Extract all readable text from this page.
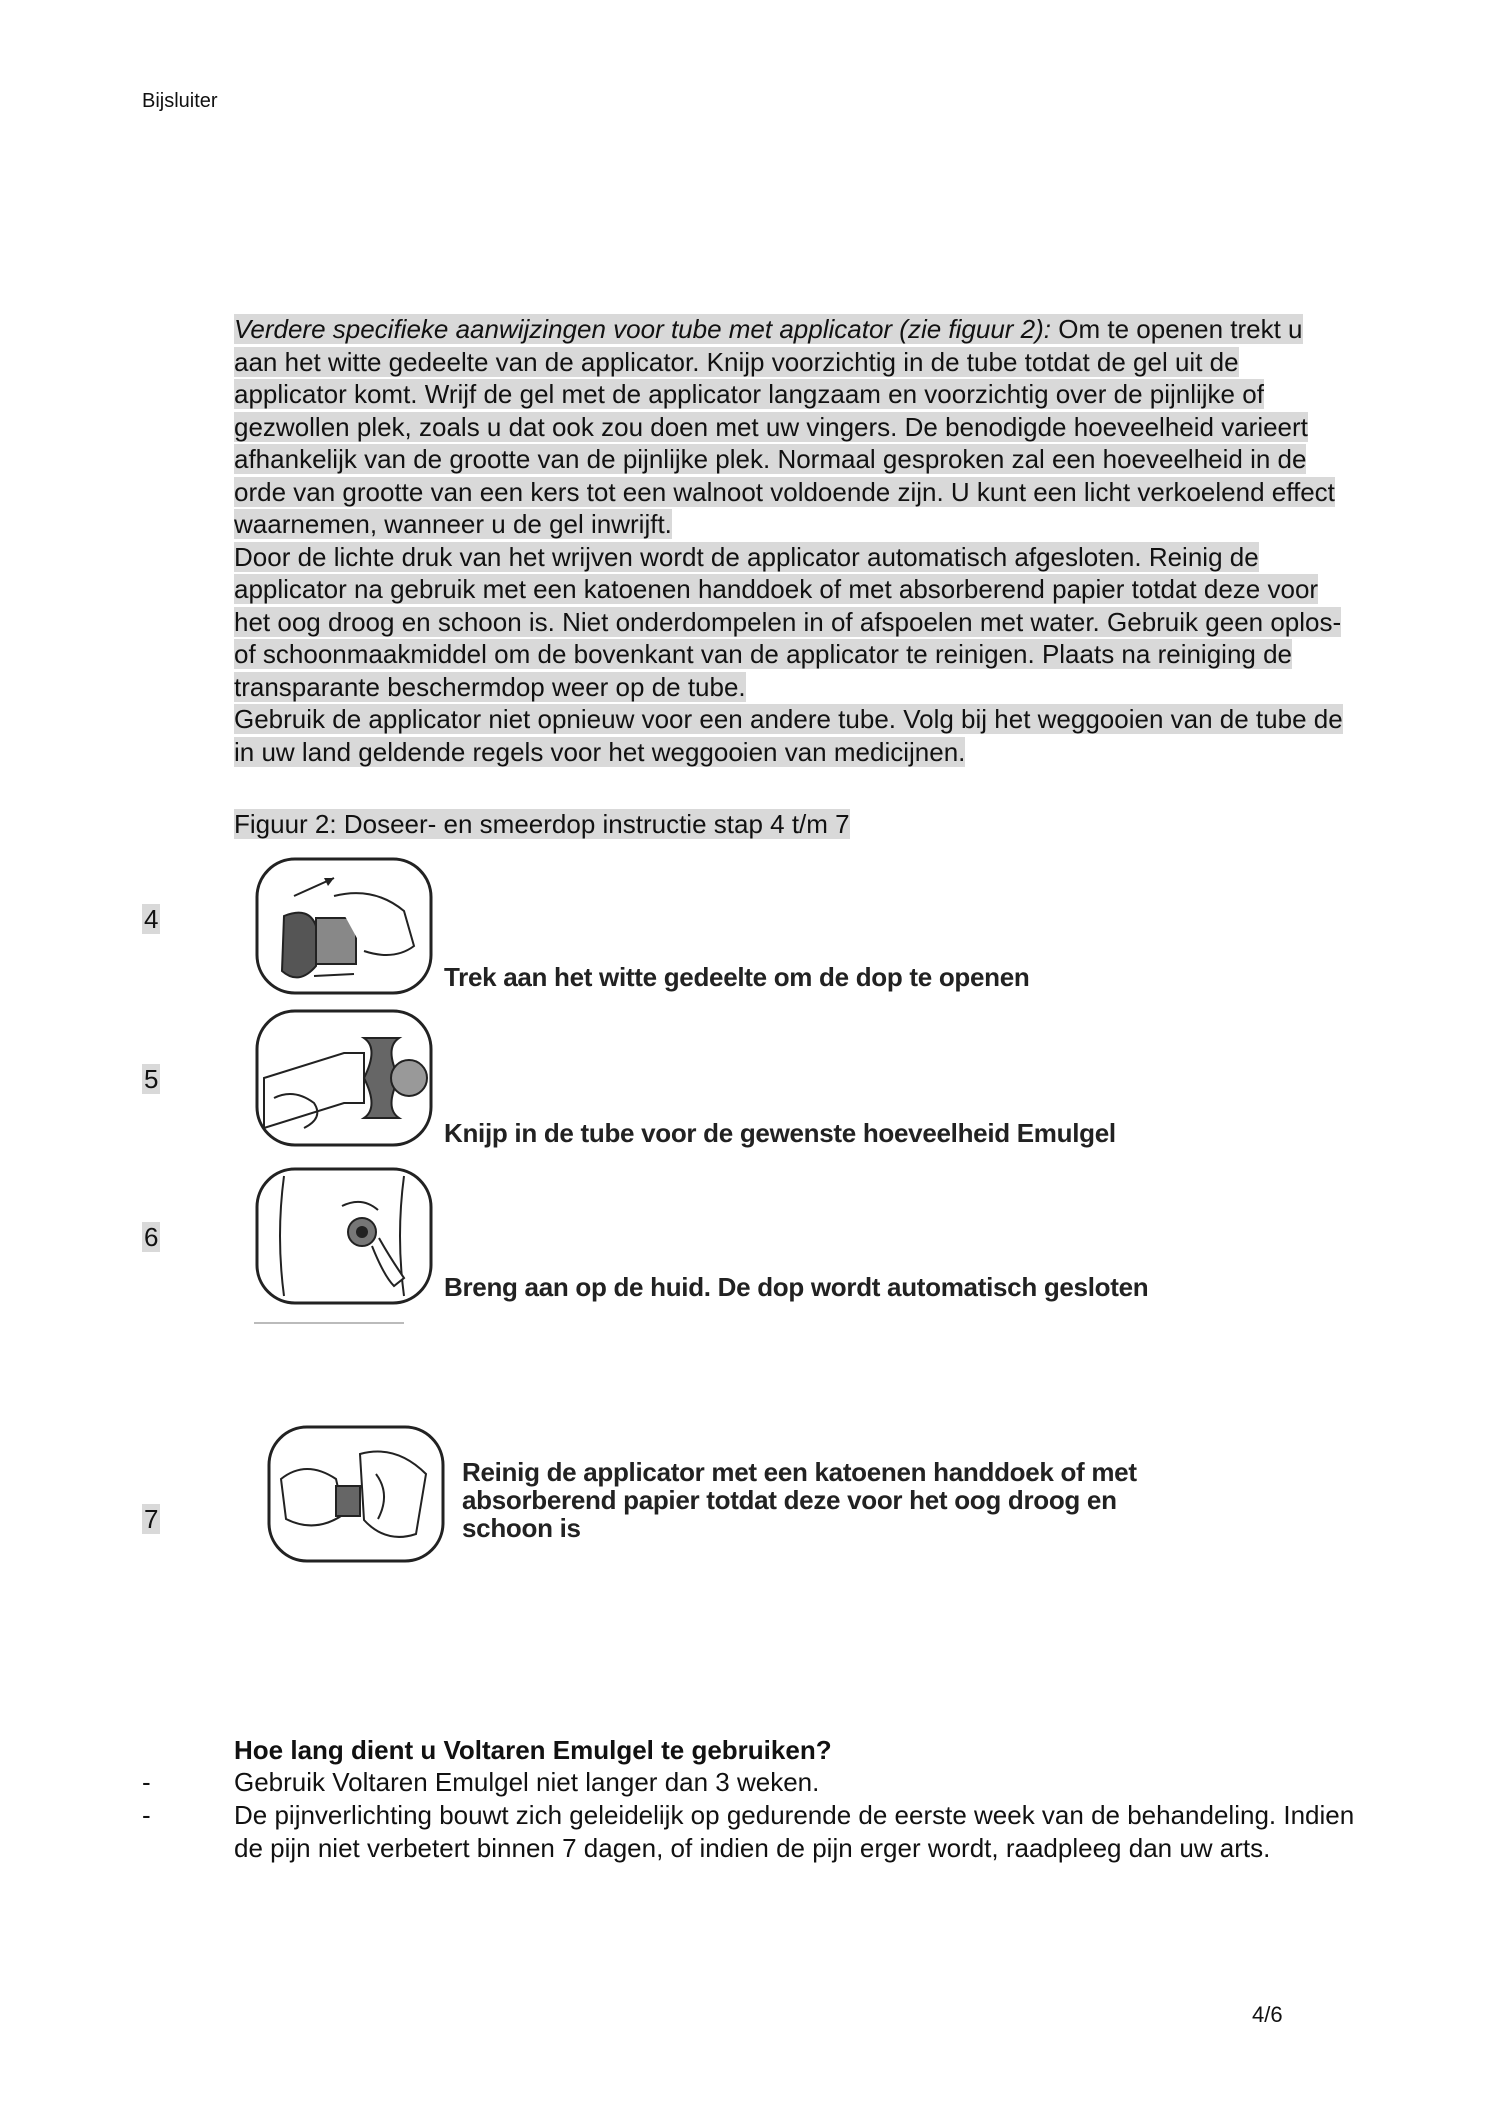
Bijsluiter

Verdere specifieke aanwijzingen voor tube met applicator (zie figuur 2): Om te openen trekt u aan het witte gedeelte van de applicator. Knijp voorzichtig in de tube totdat de gel uit de applicator komt. Wrijf de gel met de applicator langzaam en voorzichtig over de pijnlijke of gezwollen plek, zoals u dat ook zou doen met uw vingers. De benodigde hoeveelheid varieert afhankelijk van de grootte van de pijnlijke plek. Normaal gesproken zal een hoeveelheid in de orde van grootte van een kers tot een walnoot voldoende zijn. U kunt een licht verkoelend effect waarnemen, wanneer u de gel inwrijft.

Door de lichte druk van het wrijven wordt de applicator automatisch afgesloten. Reinig de applicator na gebruik met een katoenen handdoek of met absorberend papier totdat deze voor het oog droog en schoon is. Niet onderdompelen in of afspoelen met water. Gebruik geen oplos- of schoonmaakmiddel om de bovenkant van de applicator te reinigen. Plaats na reiniging de transparante beschermdop weer op de tube.

Gebruik de applicator niet opnieuw voor een andere tube. Volg bij het weggooien van de tube de in uw land geldende regels voor het weggooien van medicijnen.

Figuur 2: Doseer- en smeerdop instructie stap 4 t/m 7
4
Trek aan het witte gedeelte om de dop te openen
5
Knijp in de tube voor de gewenste hoeveelheid Emulgel
6
Breng aan op de huid. De dop wordt automatisch gesloten
7
Reinig de applicator met een katoenen handdoek of met
absorberend papier totdat deze voor het oog droog en
schoon is
Hoe lang dient u Voltaren Emulgel te gebruiken?
-	Gebruik Voltaren Emulgel niet langer dan 3 weken.
-	De pijnverlichting bouwt zich geleidelijk op gedurende de eerste week van de behandeling. Indien de pijn niet verbetert binnen 7 dagen, of indien de pijn erger wordt, raadpleeg dan uw arts.
4/6
